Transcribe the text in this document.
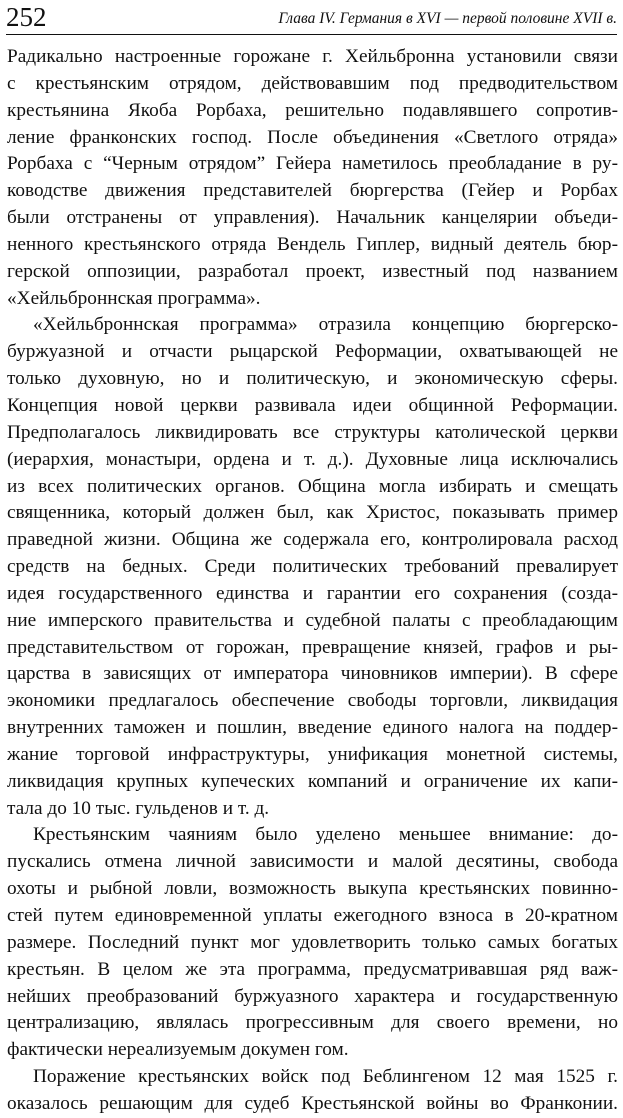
252	Глава IV. Германия в XVI — первой половине XVII в.
Радикально настроенные горожане г. Хейльбронна установили связи
с крестьянским отрядом, действовавшим под предводительством
крестьянина Якоба Рорбаха, решительно подавлявшего сопротив-
ление франконских господ. После объединения «Светлого отряда»
Рорбаха с “Черным отрядом” Гейера наметилось преобладание в ру-
ководстве движения представителей бюргерства (Гейер и Рорбах
были отстранены от управления). Начальник канцелярии объеди-
ненного крестьянского отряда Вендель Гиплер, видный деятель бюр-
герской оппозиции, разработал проект, известный под названием
«Хейльброннская программа».
«Хейльброннская программа» отразила концепцию бюргерско-
буржуазной и отчасти рыцарской Реформации, охватывающей не
только духовную, но и политическую, и экономическую сферы.
Концепция новой церкви развивала идеи общинной Реформации.
Предполагалось ликвидировать все структуры католической церкви
(иерархия, монастыри, ордена и т. д.). Духовные лица исключались
из всех политических органов. Община могла избирать и смещать
священника, который должен был, как Христос, показывать пример
праведной жизни. Община же содержала его, контролировала расход
средств на бедных. Среди политических требований превалирует
идея государственного единства и гарантии его сохранения (созда-
ние имперского правительства и судебной палаты с преобладающим
представительством от горожан, превращение князей, графов и ры-
царства в зависящих от императора чиновников империи). В сфере
экономики предлагалось обеспечение свободы торговли, ликвидация
внутренних таможен и пошлин, введение единого налога на поддер-
жание торговой инфраструктуры, унификация монетной системы,
ликвидация крупных купеческих компаний и ограничение их капи-
тала до 10 тыс. гульденов и т. д.
Крестьянским чаяниям было уделено меньшее внимание: до-
пускались отмена личной зависимости и малой десятины, свобода
охоты и рыбной ловли, возможность выкупа крестьянских повинно-
стей путем единовременной уплаты ежегодного взноса в 20-кратном
размере. Последний пункт мог удовлетворить только самых богатых
крестьян. В целом же эта программа, предусматривавшая ряд важ-
нейших преобразований буржуазного характера и государственную
централизацию, являлась прогрессивным для своего времени, но
фактически нереализуемым докумен гом.
Поражение крестьянских войск под Беблингеном 12 мая 1525 г.
оказалось решающим для судеб Крестьянской войны во Франконии.
